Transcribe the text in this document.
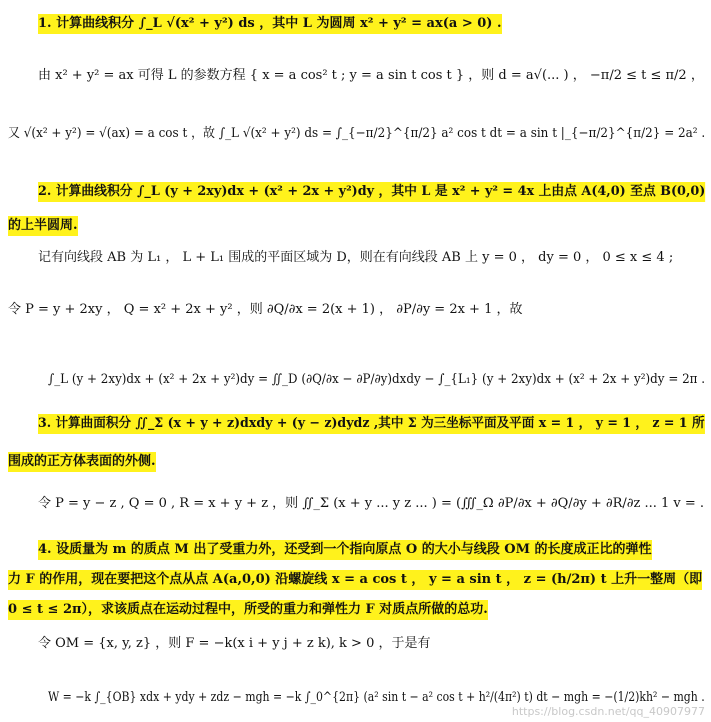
1. 计算曲线积分 ∫_L √(x² + y²) ds ，其中 L 为圆周 x² + y² = ax(a > 0) .
由 x² + y² = ax 可得 L 的参数方程 { x = a cos² t ; y = a sin t cos t } ，则 d = a√(... ) ， −π/2 ≤ t ≤ π/2 ，
又 √(x² + y²) = √(ax) = a cos t ，故 ∫_L √(x² + y²) ds = ∫_{−π/2}^{π/2} a² cos t dt = a sin t |_{−π/2}^{π/2} = 2a² .
2. 计算曲线积分 ∫_L (y + 2xy)dx + (x² + 2x + y²)dy ，其中 L 是 x² + y² = 4x 上由点 A(4,0) 至点 B(0,0)
的上半圆周.
记有向线段 AB 为 L₁ ， L + L₁ 围成的平面区域为 D，则在有向线段 AB 上 y = 0 ， dy = 0 ， 0 ≤ x ≤ 4 ;
令 P = y + 2xy ， Q = x² + 2x + y² ，则 ∂Q/∂x = 2(x + 1) ， ∂P/∂y = 2x + 1 ，故
∫_L (y + 2xy)dx + (x² + 2x + y²)dy = ∬_D (∂Q/∂x − ∂P/∂y)dxdy − ∫_{L₁} (y + 2xy)dx + (x² + 2x + y²)dy = 2π .
3. 计算曲面积分 ∬_Σ (x + y + z)dxdy + (y − z)dydz ,其中 Σ 为三坐标平面及平面 x = 1 ， y = 1 ， z = 1 所
围成的正方体表面的外侧.
令 P = y − z , Q = 0 , R = x + y + z ，则 ∬_Σ (x + y ... y z ... ) = (∭_Ω ∂P/∂x + ∂Q/∂y + ∂R/∂z ... 1 v = .
4. 设质量为 m 的质点 M 出了受重力外，还受到一个指向原点 O 的大小与线段 OM 的长度成正比的弹性
力 F 的作用，现在要把这个点从点 A(a,0,0) 沿螺旋线 x = a cos t ， y = a sin t ， z = (h/2π) t 上升一整周（即
0 ≤ t ≤ 2π），求该质点在运动过程中，所受的重力和弹性力 F 对质点所做的总功.
令 OM = {x, y, z} ，则 F = −k(x i + y j + z k), k > 0 ，于是有
W = −k ∫_{OB} xdx + ydy + zdz − mgh = −k ∫_0^{2π} (a² sin t − a² cos t + h²/(4π²) t) dt − mgh = −(1/2)kh² − mgh .
https://blog.csdn.net/qq_40907977
